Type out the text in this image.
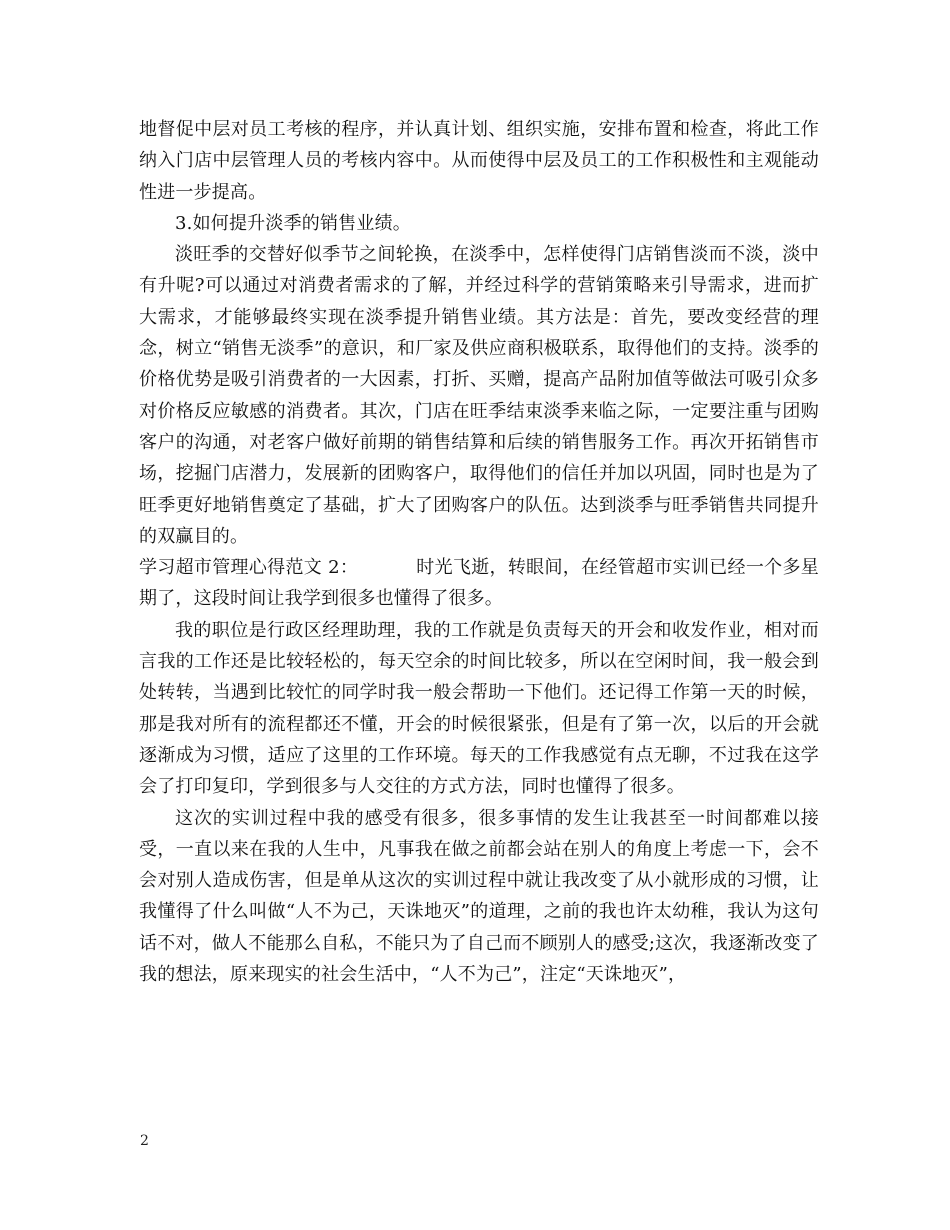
地督促中层对员工考核的程序，并认真计划、组织实施，安排布置和检查，将此工作纳入门店中层管理人员的考核内容中。从而使得中层及员工的工作积极性和主观能动性进一步提高。

3.如何提升淡季的销售业绩。

淡旺季的交替好似季节之间轮换，在淡季中，怎样使得门店销售淡而不淡，淡中有升呢?可以通过对消费者需求的了解，并经过科学的营销策略来引导需求，进而扩大需求，才能够最终实现在淡季提升销售业绩。其方法是：首先，要改变经营的理念，树立“销售无淡季”的意识，和厂家及供应商积极联系，取得他们的支持。淡季的价格优势是吸引消费者的一大因素，打折、买赠，提高产品附加值等做法可吸引众多对价格反应敏感的消费者。其次，门店在旺季结束淡季来临之际，一定要注重与团购客户的沟通，对老客户做好前期的销售结算和后续的销售服务工作。再次开拓销售市场，挖掘门店潜力，发展新的团购客户，取得他们的信任并加以巩固，同时也是为了旺季更好地销售奠定了基础，扩大了团购客户的队伍。达到淡季与旺季销售共同提升的双赢目的。

学习超市管理心得范文 2：	时光飞逝，转眼间，在经管超市实训已经一个多星期了，这段时间让我学到很多也懂得了很多。

我的职位是行政区经理助理，我的工作就是负责每天的开会和收发作业，相对而言我的工作还是比较轻松的，每天空余的时间比较多，所以在空闲时间，我一般会到处转转，当遇到比较忙的同学时我一般会帮助一下他们。还记得工作第一天的时候，那是我对所有的流程都还不懂，开会的时候很紧张，但是有了第一次，以后的开会就逐渐成为习惯，适应了这里的工作环境。每天的工作我感觉有点无聊，不过我在这学会了打印复印，学到很多与人交往的方式方法，同时也懂得了很多。

这次的实训过程中我的感受有很多，很多事情的发生让我甚至一时间都难以接受，一直以来在我的人生中，凡事我在做之前都会站在别人的角度上考虑一下，会不会对别人造成伤害，但是单从这次的实训过程中就让我改变了从小就形成的习惯，让我懂得了什么叫做“人不为己，天诛地灭”的道理，之前的我也许太幼稚，我认为这句话不对，做人不能那么自私，不能只为了自己而不顾别人的感受;这次，我逐渐改变了我的想法，原来现实的社会生活中，“人不为己”，注定“天诛地灭”，

2
